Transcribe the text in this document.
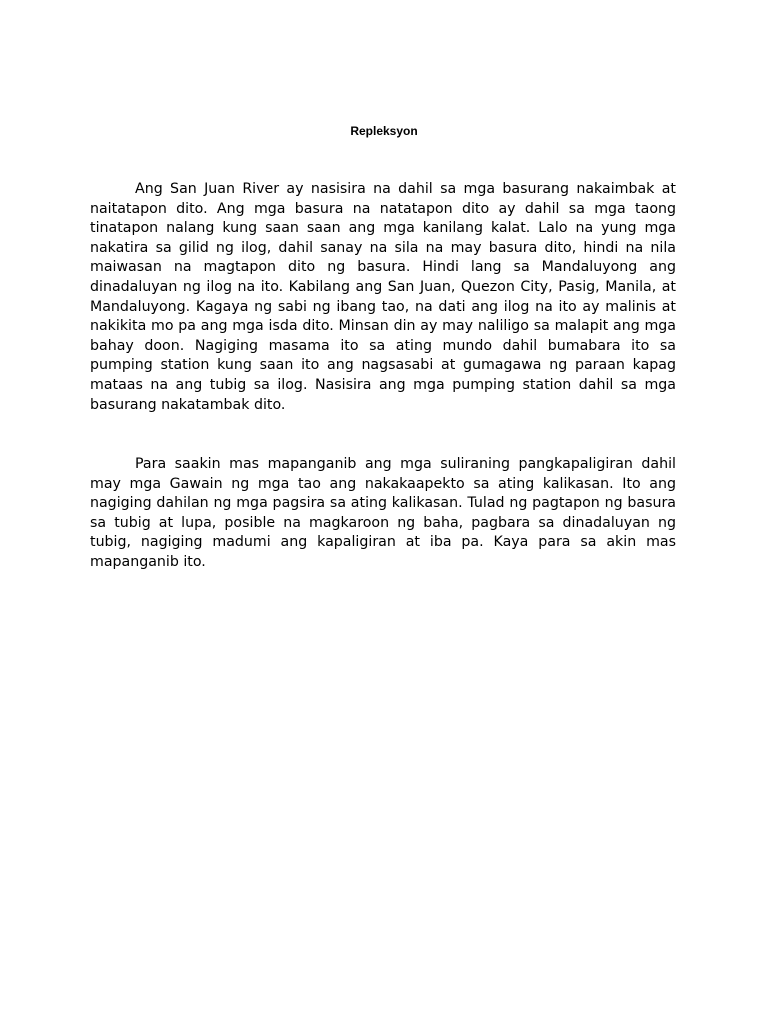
Repleksyon

Ang San Juan River ay nasisira na dahil sa mga basurang nakaimbak at naitatapon dito. Ang mga basura na natatapon dito ay dahil sa mga taong tinatapon nalang kung saan saan ang mga kanilang kalat. Lalo na yung mga nakatira sa gilid ng ilog, dahil sanay na sila na may basura dito, hindi na nila maiwasan na magtapon dito ng basura. Hindi lang sa Mandaluyong ang dinadaluyan ng ilog na ito. Kabilang ang San Juan, Quezon City, Pasig, Manila, at Mandaluyong. Kagaya ng sabi ng ibang tao, na dati ang ilog na ito ay malinis at nakikita mo pa ang mga isda dito. Minsan din ay may naliligo sa malapit ang mga bahay doon. Nagiging masama ito sa ating mundo dahil bumabara ito sa pumping station kung saan ito ang nagsasabi at gumagawa ng paraan kapag mataas na ang tubig sa ilog. Nasisira ang mga pumping station dahil sa mga basurang nakatambak dito.

Para saakin mas mapanganib ang mga suliraning pangkapaligiran dahil may mga Gawain ng mga tao ang nakakaapekto sa ating kalikasan. Ito ang nagiging dahilan ng mga pagsira sa ating kalikasan. Tulad ng pagtapon ng basura sa tubig at lupa, posible na magkaroon ng baha, pagbara sa dinadaluyan ng tubig, nagiging madumi ang kapaligiran at iba pa. Kaya para sa akin mas mapanganib ito.
